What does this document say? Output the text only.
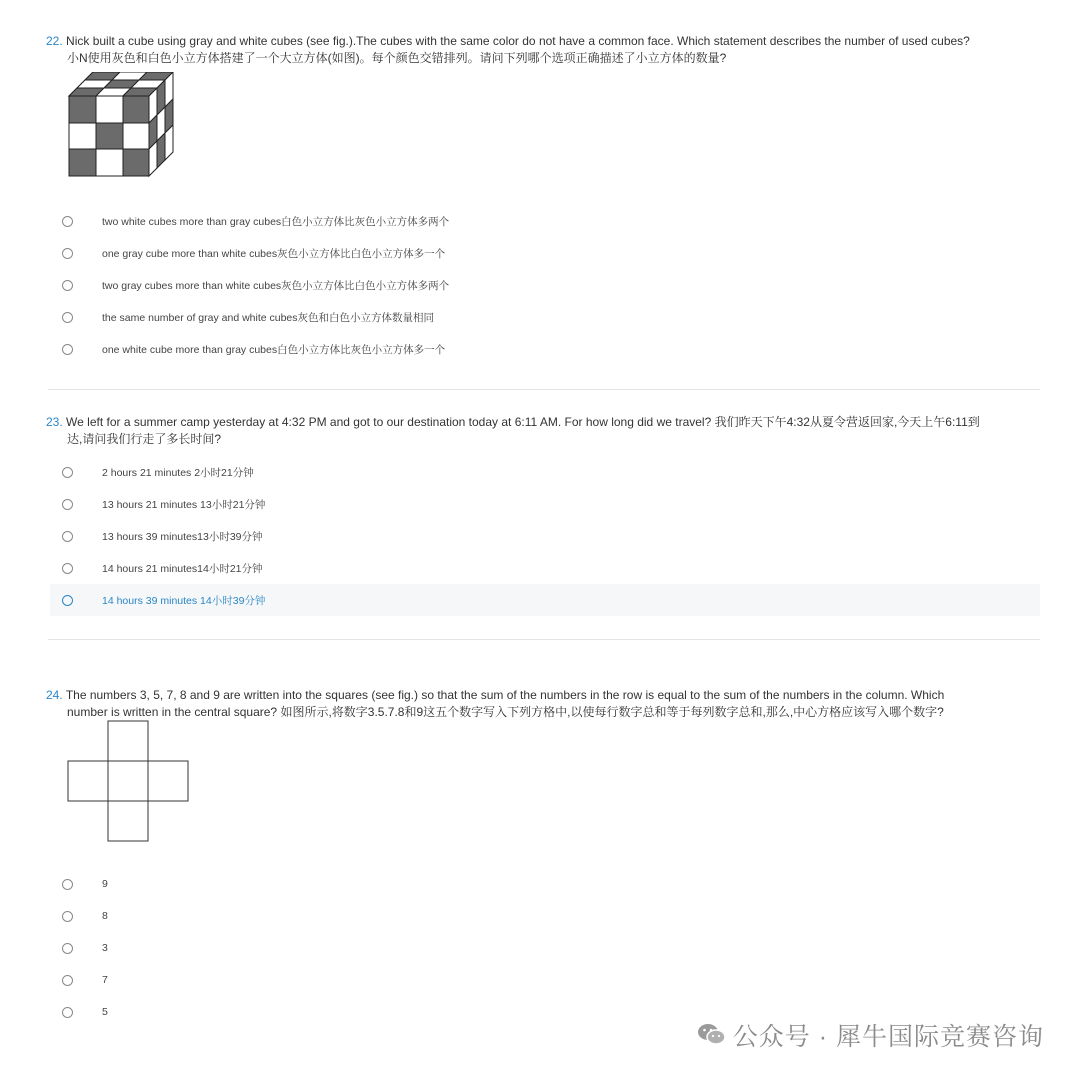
22. Nick built a cube using gray and white cubes (see fig.).The cubes with the same color do not have a common face. Which statement describes the number of used cubes?
小N使用灰色和白色小立方体搭建了一个大立方体(如图)。每个颜色交错排列。请问下列哪个选项正确描述了小立方体的数量?
two white cubes more than gray cubes白色小立方体比灰色小立方体多两个
one gray cube more than white cubes灰色小立方体比白色小立方体多一个
two gray cubes more than white cubes灰色小立方体比白色小立方体多两个
the same number of gray and white cubes灰色和白色小立方体数量相同
one white cube more than gray cubes白色小立方体比灰色小立方体多一个
23. We left for a summer camp yesterday at 4:32 PM and got to our destination today at 6:11 AM. For how long did we travel? 我们昨天下午4:32从夏令营返回家,今天上午6:11到
达,请问我们行走了多长时间?
2 hours 21 minutes 2小时21分钟
13 hours 21 minutes 13小时21分钟
13 hours 39 minutes13小时39分钟
14 hours 21 minutes14小时21分钟
14 hours 39 minutes 14小时39分钟
24. The numbers 3, 5, 7, 8 and 9 are written into the squares (see fig.) so that the sum of the numbers in the row is equal to the sum of the numbers in the column. Which
number is written in the central square? 如图所示,将数字3.5.7.8和9这五个数字写入下列方格中,以使每行数字总和等于每列数字总和,那么,中心方格应该写入哪个数字?
9
8
3
7
5
公众号 · 犀牛国际竞赛咨询
